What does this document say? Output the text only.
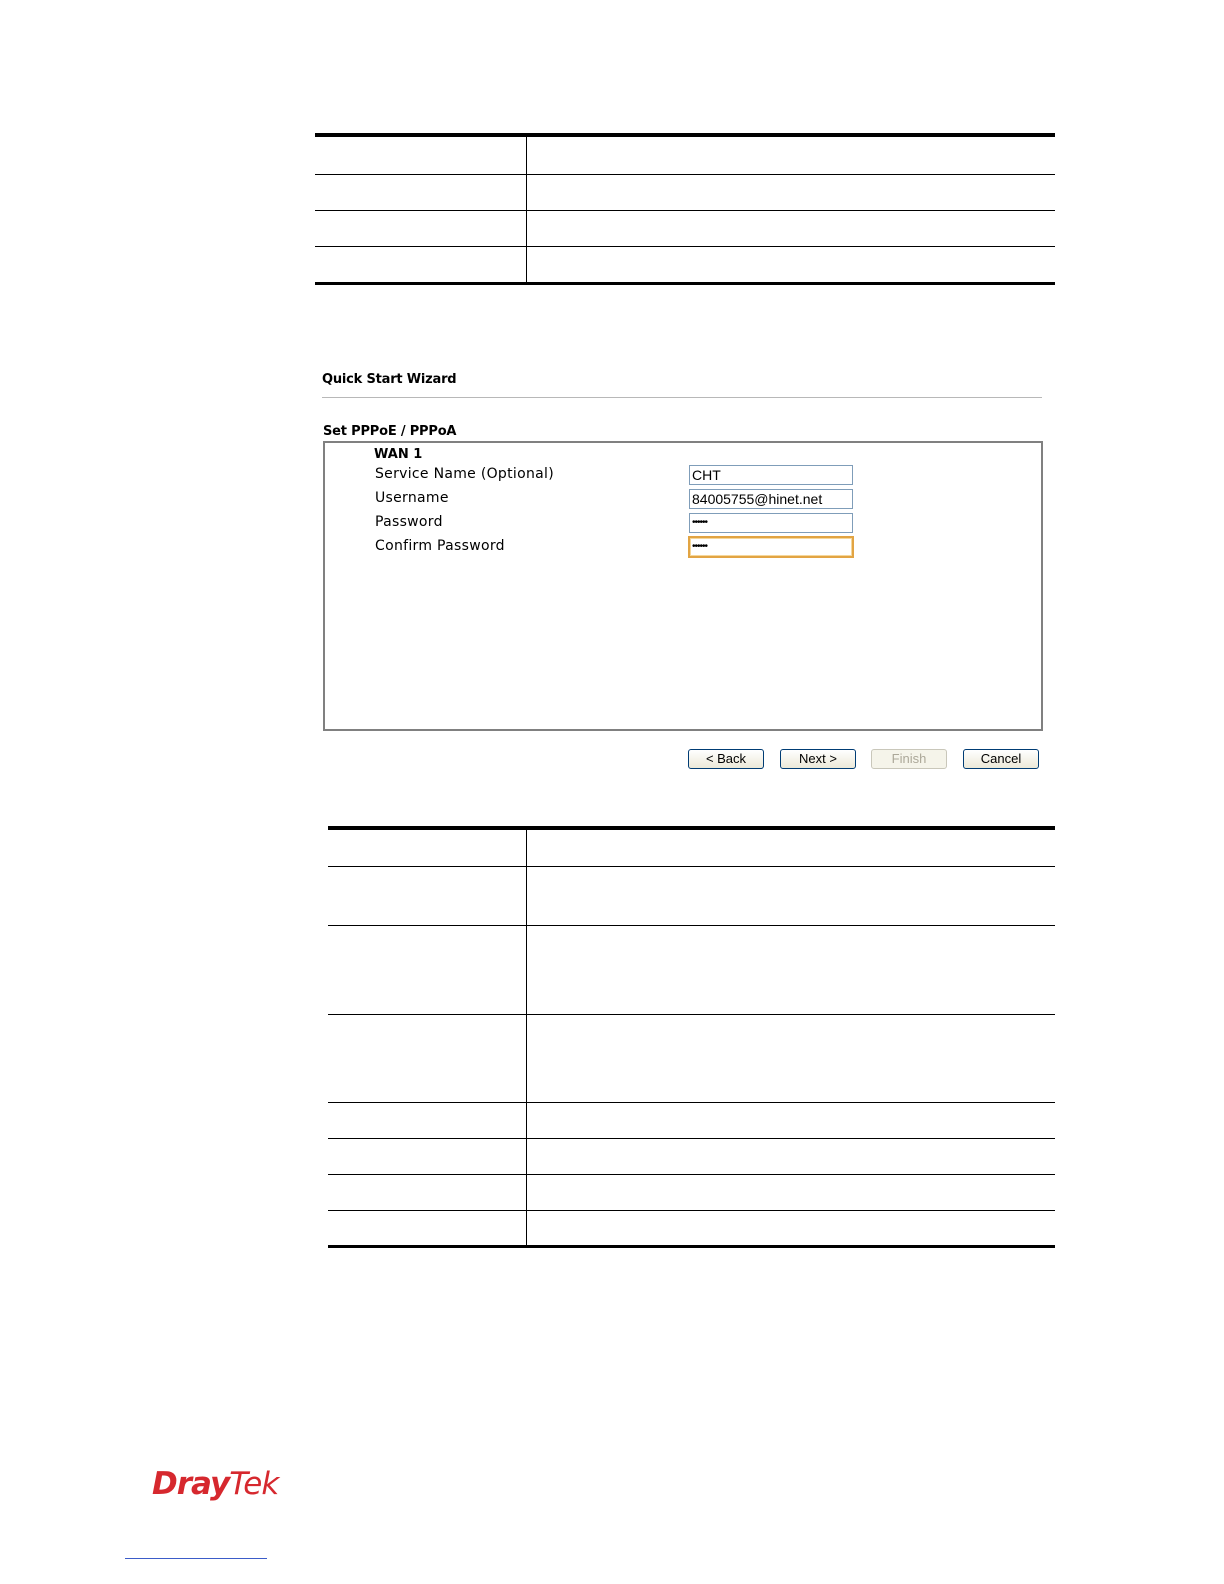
Quick Start Wizard
Set PPPoE / PPPoA
WAN 1
Service Name (Optional)
CHT
Username
84005755@hinet.net
Password
••••••
Confirm Password
••••••
< Back	Next >	Finish	Cancel
DrayTek
